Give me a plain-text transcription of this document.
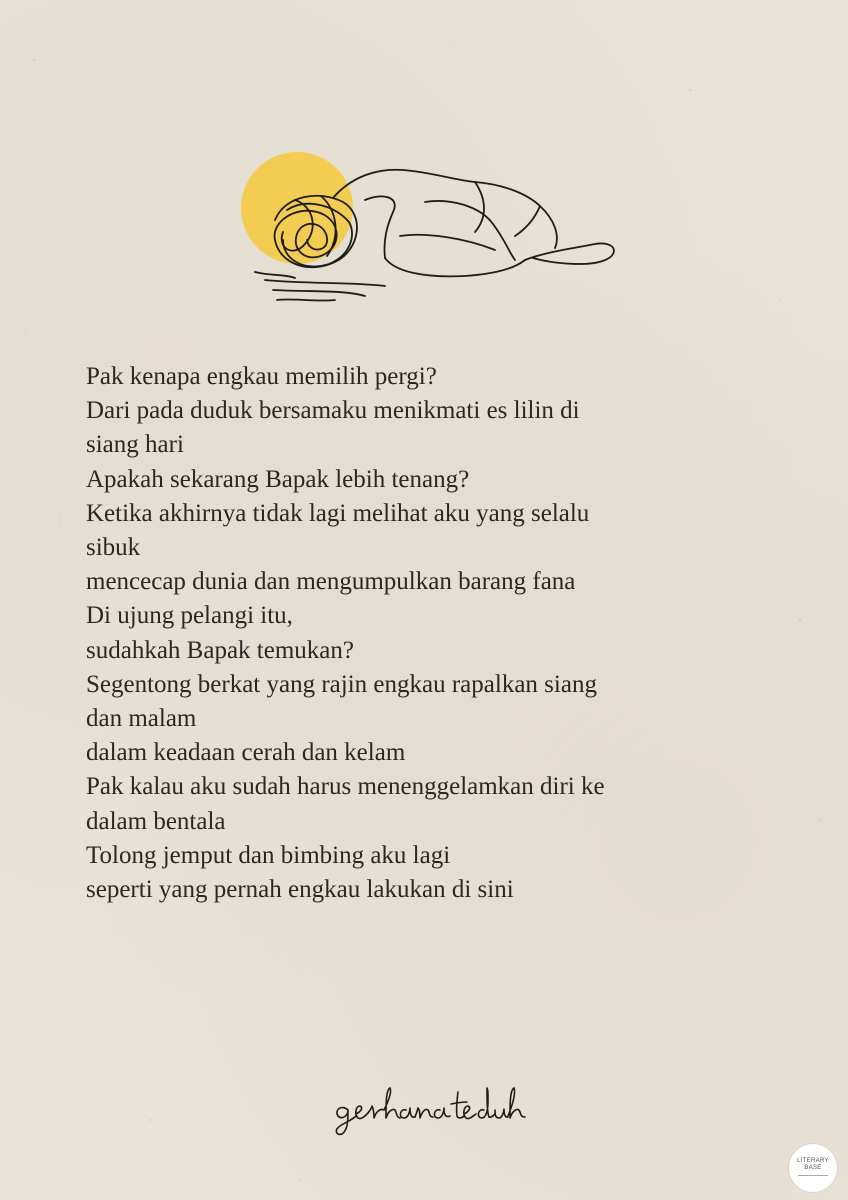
Pak kenapa engkau memilih pergi?
Dari pada duduk bersamaku menikmati es lilin di
siang hari
Apakah sekarang Bapak lebih tenang?
Ketika akhirnya tidak lagi melihat aku yang selalu
sibuk
mencecap dunia dan mengumpulkan barang fana
Di ujung pelangi itu,
sudahkah Bapak temukan?
Segentong berkat yang rajin engkau rapalkan siang
dan malam
dalam keadaan cerah dan kelam
Pak kalau aku sudah harus menenggelamkan diri ke
dalam bentala
Tolong jemput dan bimbing aku lagi
seperti yang pernah engkau lakukan di sini
LITERARY
BASE
